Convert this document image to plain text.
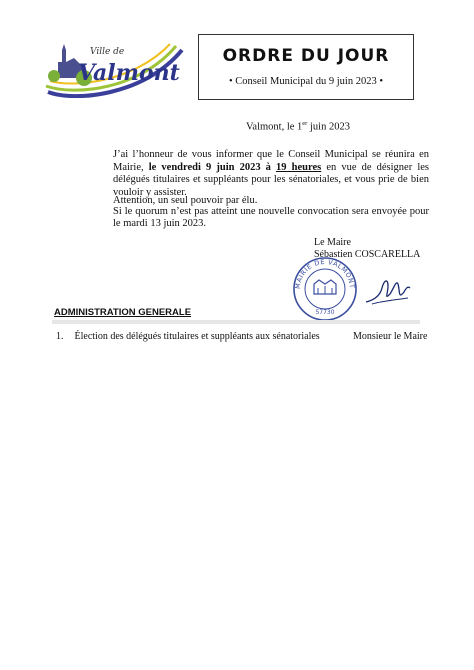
Ville de
Valmont
ORDRE DU JOUR
• Conseil Municipal du 9 juin 2023 •
Valmont, le 1er juin 2023
J’ai l’honneur de vous informer que le Conseil Municipal se réunira en Mairie, le vendredi 9 juin 2023 à 19 heures en vue de désigner les délégués titulaires et suppléants pour les sénatoriales, et vous prie de bien vouloir y assister.
Attention, un seul pouvoir par élu.
Si le quorum n’est pas atteint une nouvelle convocation sera envoyée pour le mardi 13 juin 2023.
Le Maire
Sébastien COSCARELLA
MAIRIE DE VALMONT
57730
ADMINISTRATION GENERALE
1. Élection des délégués titulaires et suppléants aux sénatoriales	Monsieur le Maire
